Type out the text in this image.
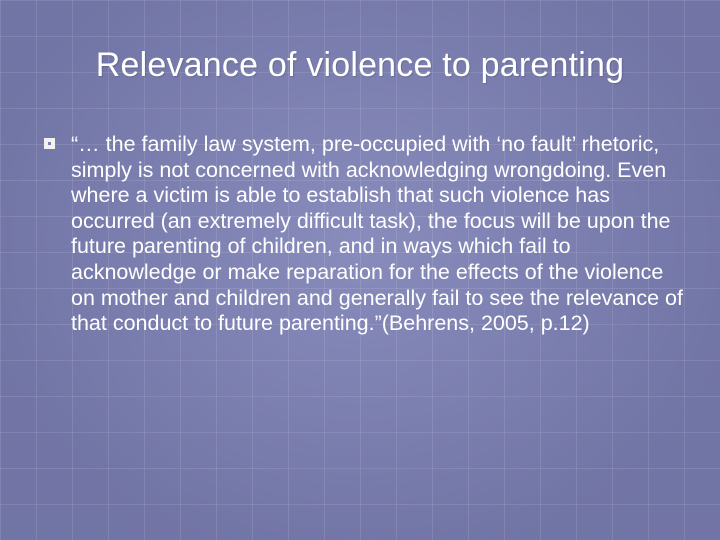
Relevance of violence to parenting
“… the family law system, pre-occupied with ‘no fault’ rhetoric, simply is not concerned with acknowledging wrongdoing. Even where a victim is able to establish that such violence has occurred (an extremely difficult task), the focus will be upon the future parenting of children, and in ways which fail to acknowledge or make reparation for the effects of the violence on mother and children and generally fail to see the relevance of that conduct to future parenting.”(Behrens, 2005, p.12)
